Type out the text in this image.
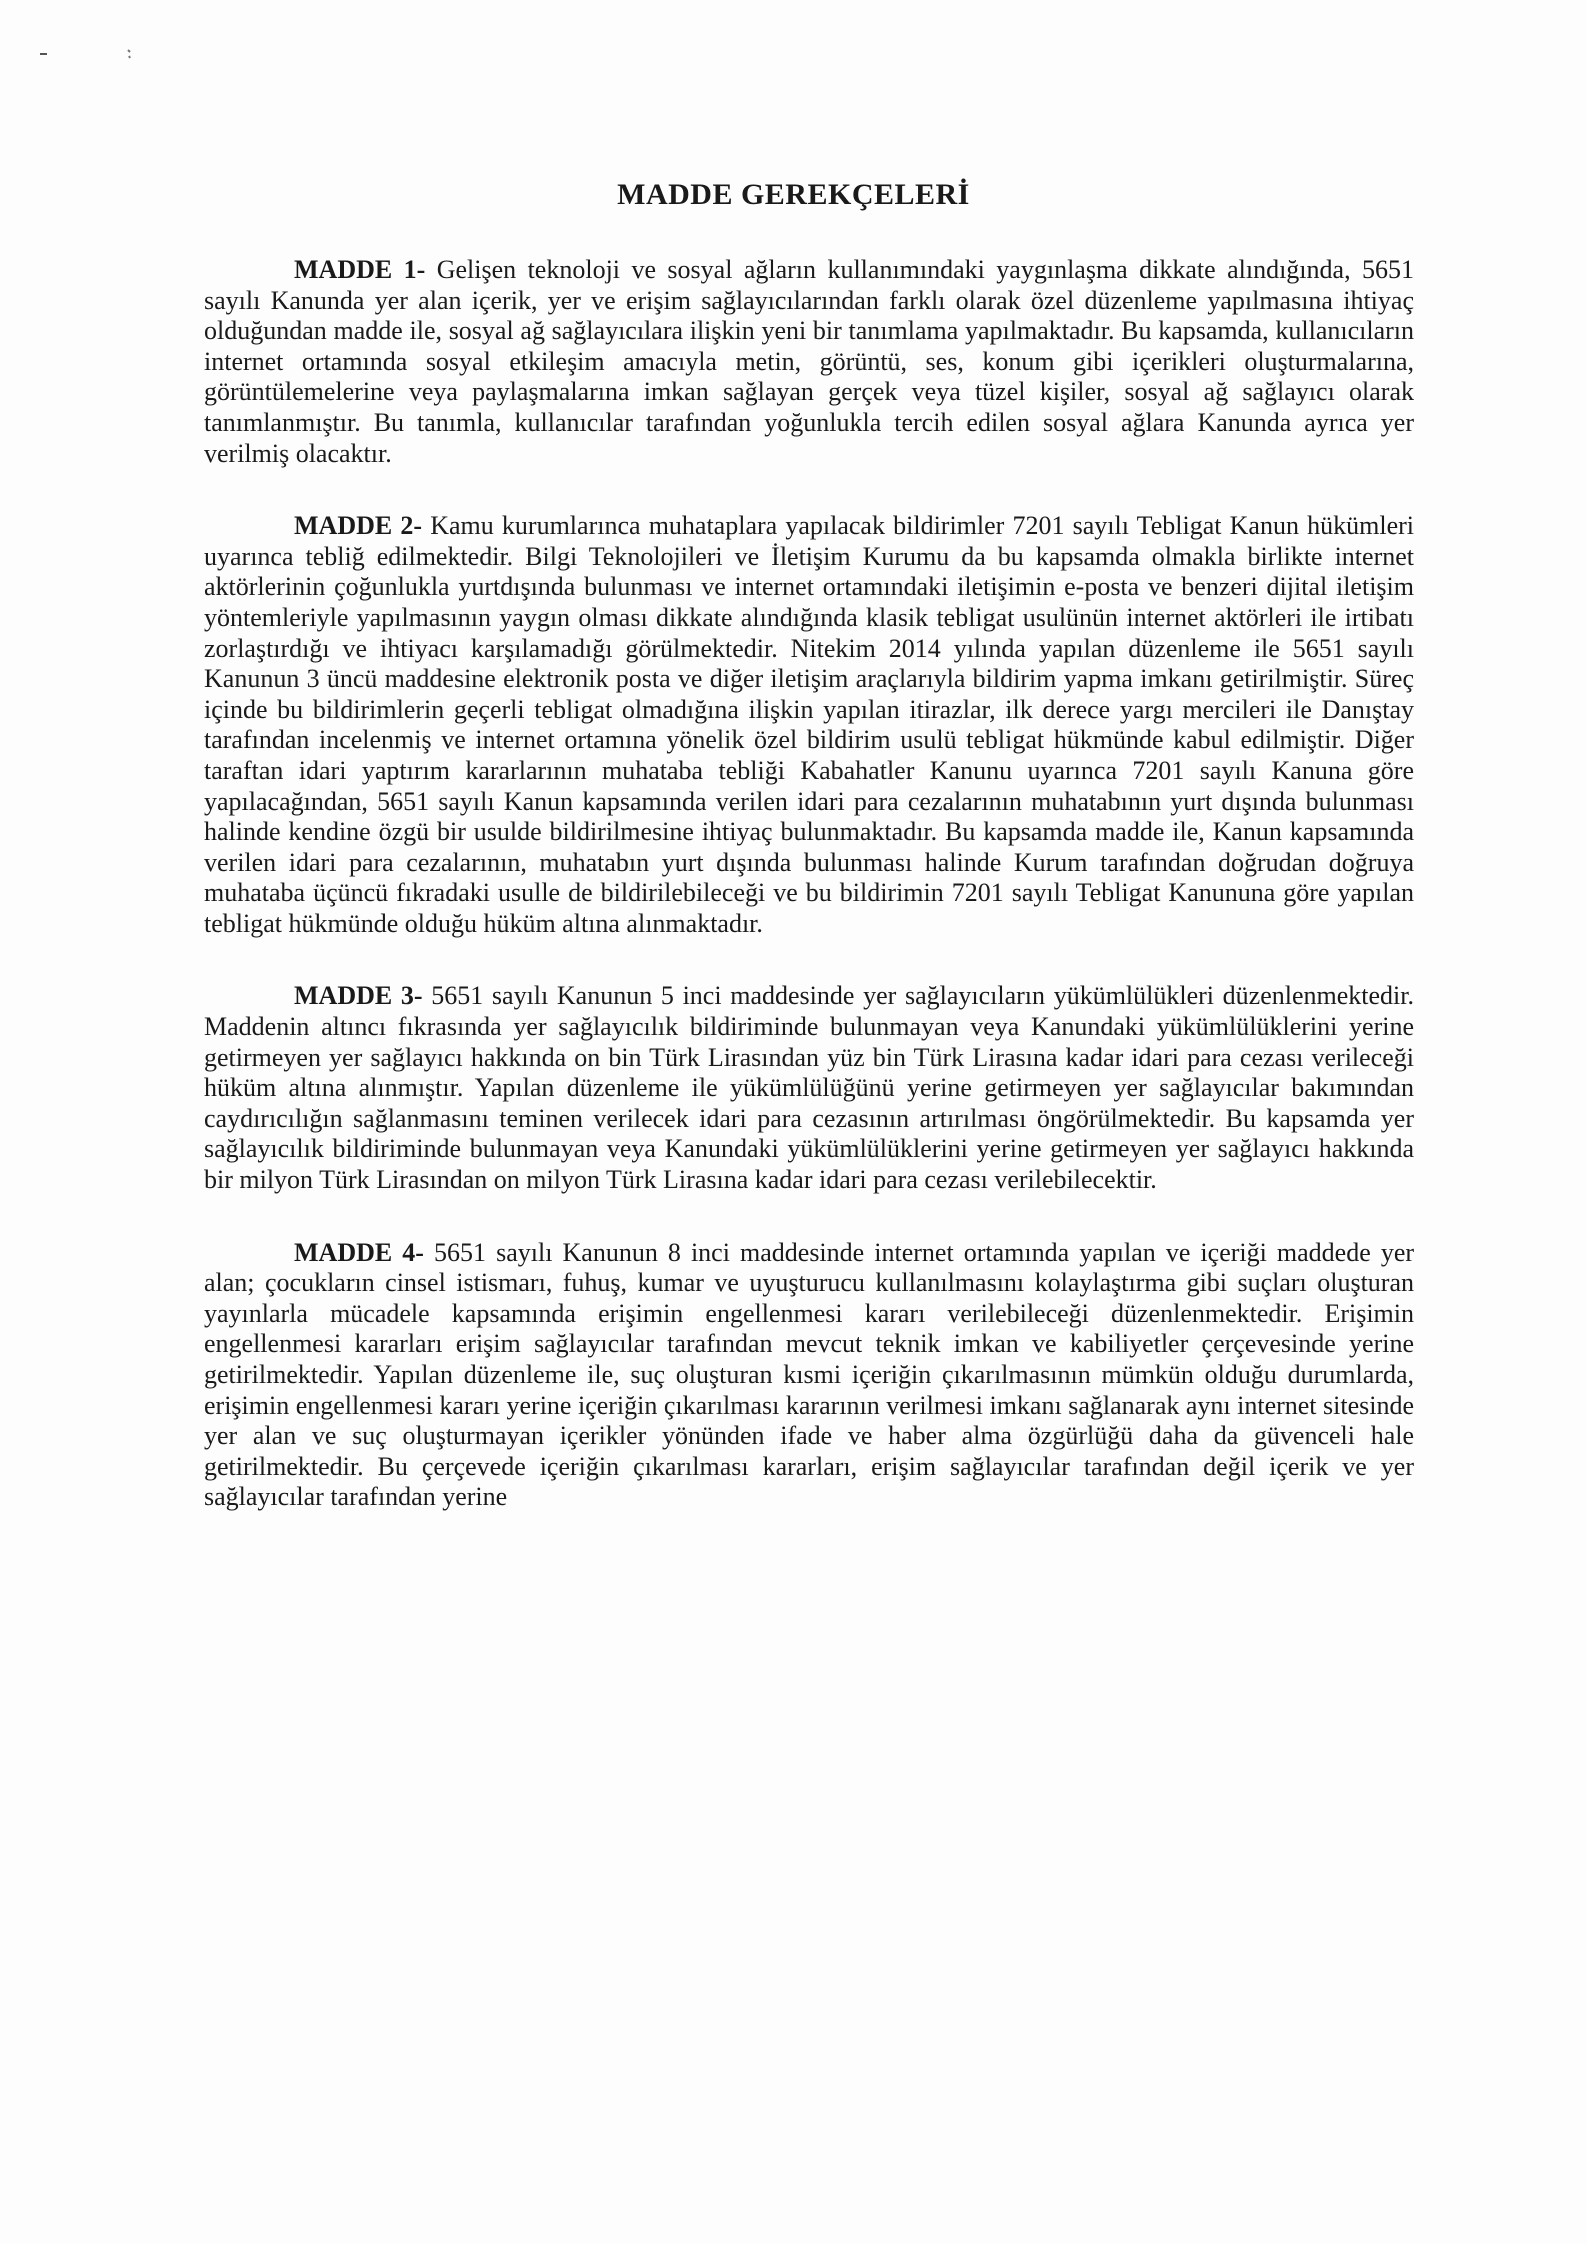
MADDE GEREKÇELERİ

MADDE 1- Gelişen teknoloji ve sosyal ağların kullanımındaki yaygınlaşma dikkate alındığında, 5651 sayılı Kanunda yer alan içerik, yer ve erişim sağlayıcılarından farklı olarak özel düzenleme yapılmasına ihtiyaç olduğundan madde ile, sosyal ağ sağlayıcılara ilişkin yeni bir tanımlama yapılmaktadır. Bu kapsamda, kullanıcıların internet ortamında sosyal etkileşim amacıyla metin, görüntü, ses, konum gibi içerikleri oluşturmalarına, görüntülemelerine veya paylaşmalarına imkan sağlayan gerçek veya tüzel kişiler, sosyal ağ sağlayıcı olarak tanımlanmıştır. Bu tanımla, kullanıcılar tarafından yoğunlukla tercih edilen sosyal ağlara Kanunda ayrıca yer verilmiş olacaktır.

MADDE 2- Kamu kurumlarınca muhataplara yapılacak bildirimler 7201 sayılı Tebligat Kanun hükümleri uyarınca tebliğ edilmektedir. Bilgi Teknolojileri ve İletişim Kurumu da bu kapsamda olmakla birlikte internet aktörlerinin çoğunlukla yurtdışında bulunması ve internet ortamındaki iletişimin e-posta ve benzeri dijital iletişim yöntemleriyle yapılmasının yaygın olması dikkate alındığında klasik tebligat usulünün internet aktörleri ile irtibatı zorlaştırdığı ve ihtiyacı karşılamadığı görülmektedir. Nitekim 2014 yılında yapılan düzenleme ile 5651 sayılı Kanunun 3 üncü maddesine elektronik posta ve diğer iletişim araçlarıyla bildirim yapma imkanı getirilmiştir. Süreç içinde bu bildirimlerin geçerli tebligat olmadığına ilişkin yapılan itirazlar, ilk derece yargı mercileri ile Danıştay tarafından incelenmiş ve internet ortamına yönelik özel bildirim usulü tebligat hükmünde kabul edilmiştir. Diğer taraftan idari yaptırım kararlarının muhataba tebliği Kabahatler Kanunu uyarınca 7201 sayılı Kanuna göre yapılacağından, 5651 sayılı Kanun kapsamında verilen idari para cezalarının muhatabının yurt dışında bulunması halinde kendine özgü bir usulde bildirilmesine ihtiyaç bulunmaktadır. Bu kapsamda madde ile, Kanun kapsamında verilen idari para cezalarının, muhatabın yurt dışında bulunması halinde Kurum tarafından doğrudan doğruya muhataba üçüncü fıkradaki usulle de bildirilebileceği ve bu bildirimin 7201 sayılı Tebligat Kanununa göre yapılan tebligat hükmünde olduğu hüküm altına alınmaktadır.

MADDE 3- 5651 sayılı Kanunun 5 inci maddesinde yer sağlayıcıların yükümlülükleri düzenlenmektedir. Maddenin altıncı fıkrasında yer sağlayıcılık bildiriminde bulunmayan veya Kanundaki yükümlülüklerini yerine getirmeyen yer sağlayıcı hakkında on bin Türk Lirasından yüz bin Türk Lirasına kadar idari para cezası verileceği hüküm altına alınmıştır. Yapılan düzenleme ile yükümlülüğünü yerine getirmeyen yer sağlayıcılar bakımından caydırıcılığın sağlanmasını teminen verilecek idari para cezasının artırılması öngörülmektedir. Bu kapsamda yer sağlayıcılık bildiriminde bulunmayan veya Kanundaki yükümlülüklerini yerine getirmeyen yer sağlayıcı hakkında bir milyon Türk Lirasından on milyon Türk Lirasına kadar idari para cezası verilebilecektir.

MADDE 4- 5651 sayılı Kanunun 8 inci maddesinde internet ortamında yapılan ve içeriği maddede yer alan; çocukların cinsel istismarı, fuhuş, kumar ve uyuşturucu kullanılmasını kolaylaştırma gibi suçları oluşturan yayınlarla mücadele kapsamında erişimin engellenmesi kararı verilebileceği düzenlenmektedir. Erişimin engellenmesi kararları erişim sağlayıcılar tarafından mevcut teknik imkan ve kabiliyetler çerçevesinde yerine getirilmektedir. Yapılan düzenleme ile, suç oluşturan kısmi içeriğin çıkarılmasının mümkün olduğu durumlarda, erişimin engellenmesi kararı yerine içeriğin çıkarılması kararının verilmesi imkanı sağlanarak aynı internet sitesinde yer alan ve suç oluşturmayan içerikler yönünden ifade ve haber alma özgürlüğü daha da güvenceli hale getirilmektedir. Bu çerçevede içeriğin çıkarılması kararları, erişim sağlayıcılar tarafından değil içerik ve yer sağlayıcılar tarafından yerine
